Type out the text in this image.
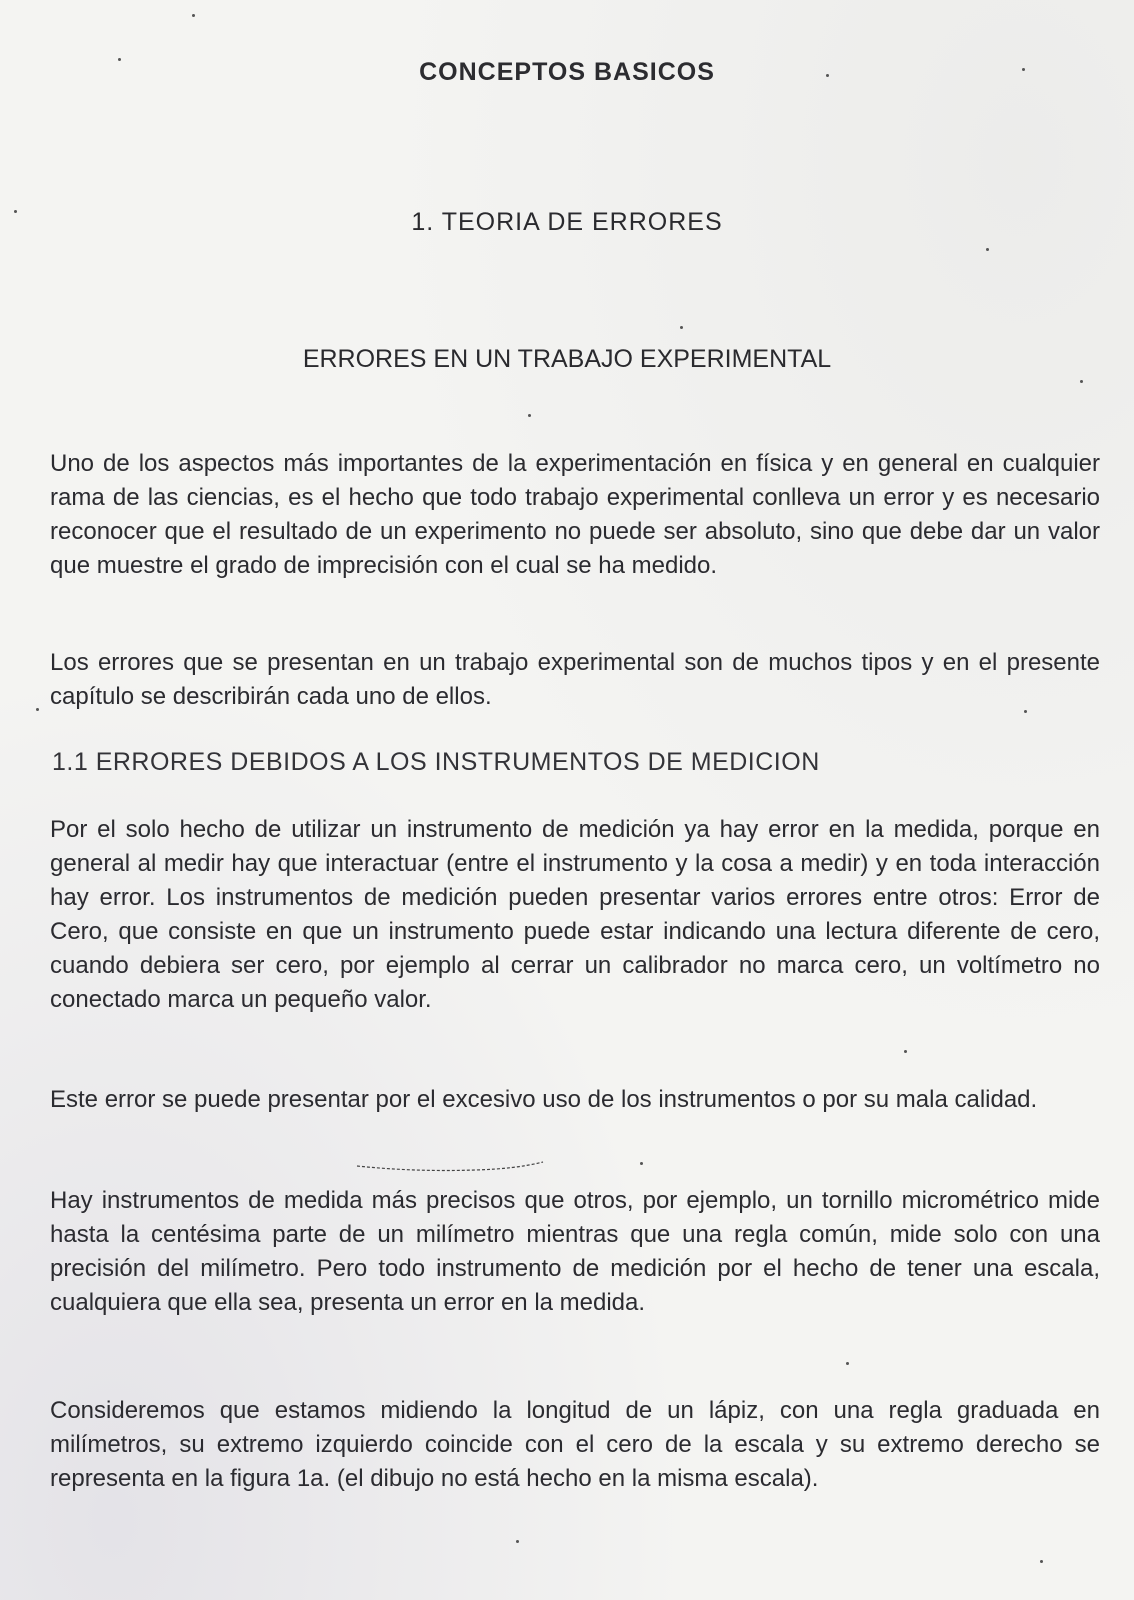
CONCEPTOS BASICOS
1. TEORIA DE ERRORES
ERRORES EN UN TRABAJO EXPERIMENTAL

Uno de los aspectos más importantes de la experimentación en física y en general en cualquier rama de las ciencias, es el hecho que todo trabajo experimental conlleva un error y es necesario reconocer que el resultado de un experimento no puede ser absoluto, sino que debe dar un valor que muestre el grado de imprecisión con el cual se ha medido.

Los errores que se presentan en un trabajo experimental son de muchos tipos y en el presente capítulo se describirán cada uno de ellos.

1.1 ERRORES DEBIDOS A LOS INSTRUMENTOS DE MEDICION

Por el solo hecho de utilizar un instrumento de medición ya hay error en la medida, porque en general al medir hay que interactuar (entre el instrumento y la cosa a medir) y en toda interacción hay error. Los instrumentos de medición pueden presentar varios errores entre otros: Error de Cero, que consiste en que un instrumento puede estar indicando una lectura diferente de cero, cuando debiera ser cero, por ejemplo al cerrar un calibrador no marca cero, un voltímetro no conectado marca un pequeño valor.

Este error se puede presentar por el excesivo uso de los instrumentos o por su mala calidad.

Hay instrumentos de medida más precisos que otros, por ejemplo, un tornillo micrométrico mide hasta la centésima parte de un milímetro mientras que una regla común, mide solo con una precisión del milímetro. Pero todo instrumento de medición por el hecho de tener una escala, cualquiera que ella sea, presenta un error en la medida.

Consideremos que estamos midiendo la longitud de un lápiz, con una regla graduada en milímetros, su extremo izquierdo coincide con el cero de la escala y su extremo derecho se representa en la figura 1a. (el dibujo no está hecho en la misma escala).
